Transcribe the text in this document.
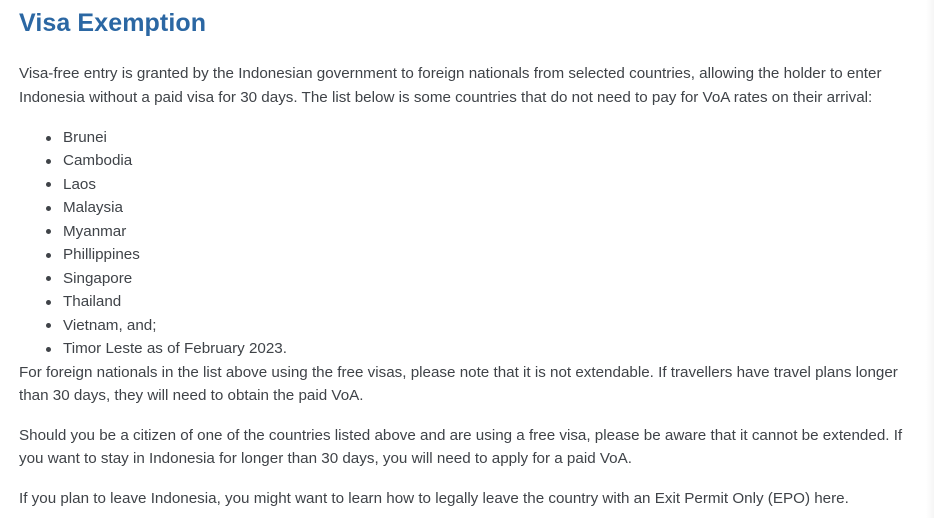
Visa Exemption

Visa-free entry is granted by the Indonesian government to foreign nationals from selected countries, allowing the holder to enter Indonesia without a paid visa for 30 days. The list below is some countries that do not need to pay for VoA rates on their arrival:

Brunei
Cambodia
Laos
Malaysia
Myanmar
Phillippines
Singapore
Thailand
Vietnam, and;
Timor Leste as of February 2023.

For foreign nationals in the list above using the free visas, please note that it is not extendable. If travellers have travel plans longer than 30 days, they will need to obtain the paid VoA.

Should you be a citizen of one of the countries listed above and are using a free visa, please be aware that it cannot be extended. If you want to stay in Indonesia for longer than 30 days, you will need to apply for a paid VoA.

If you plan to leave Indonesia, you might want to learn how to legally leave the country with an Exit Permit Only (EPO) here.
